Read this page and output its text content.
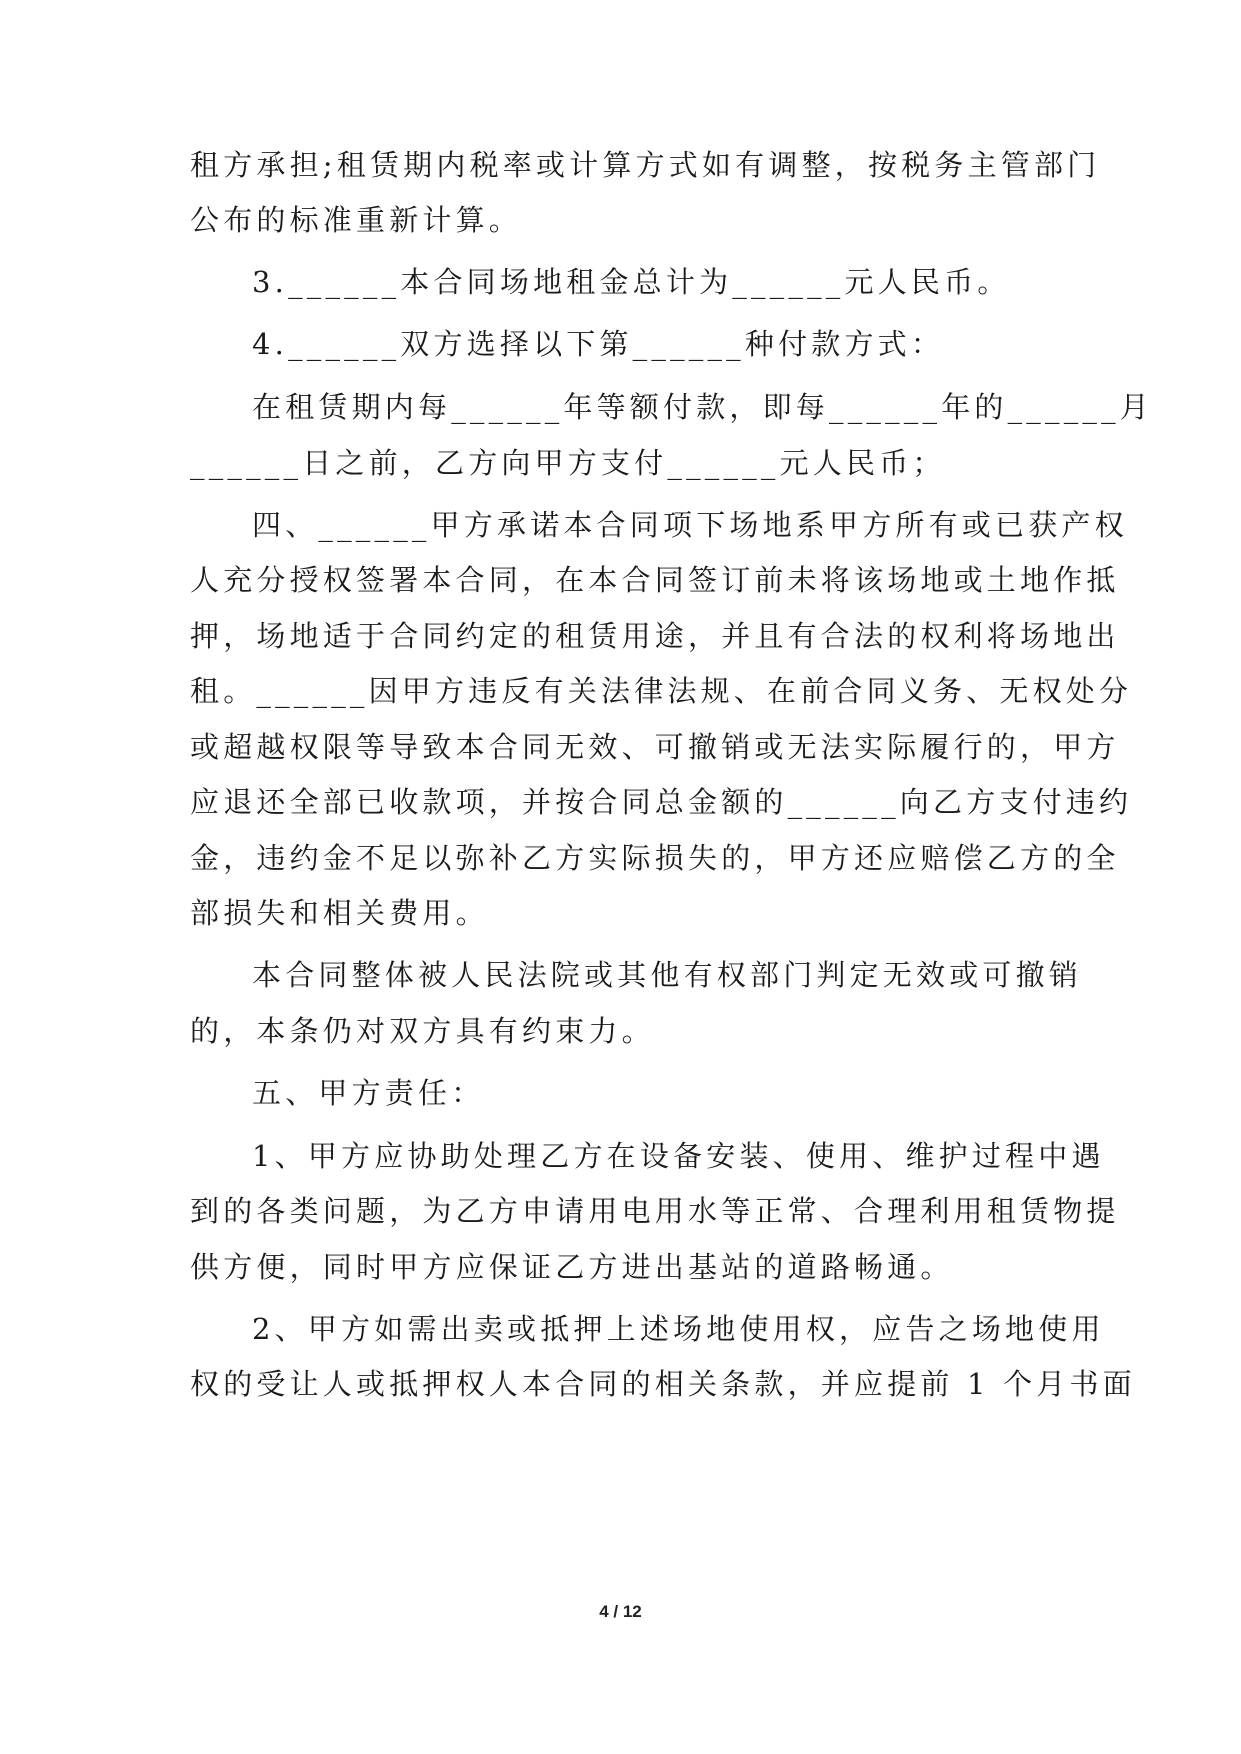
租方承担;租赁期内税率或计算方式如有调整，按税务主管部门
公布的标准重新计算。
3.______本合同场地租金总计为______元人民币。
4.______双方选择以下第______种付款方式：
在租赁期内每______年等额付款，即每______年的______月
______日之前，乙方向甲方支付______元人民币；
四、______甲方承诺本合同项下场地系甲方所有或已获产权
人充分授权签署本合同，在本合同签订前未将该场地或土地作抵
押，场地适于合同约定的租赁用途，并且有合法的权利将场地出
租。______因甲方违反有关法律法规、在前合同义务、无权处分
或超越权限等导致本合同无效、可撤销或无法实际履行的，甲方
应退还全部已收款项，并按合同总金额的______向乙方支付违约
金，违约金不足以弥补乙方实际损失的，甲方还应赔偿乙方的全
部损失和相关费用。
本合同整体被人民法院或其他有权部门判定无效或可撤销
的，本条仍对双方具有约束力。
五、甲方责任：
1、甲方应协助处理乙方在设备安装、使用、维护过程中遇
到的各类问题，为乙方申请用电用水等正常、合理利用租赁物提
供方便，同时甲方应保证乙方进出基站的道路畅通。
2、甲方如需出卖或抵押上述场地使用权，应告之场地使用
权的受让人或抵押权人本合同的相关条款，并应提前 1 个月书面
4 / 12
